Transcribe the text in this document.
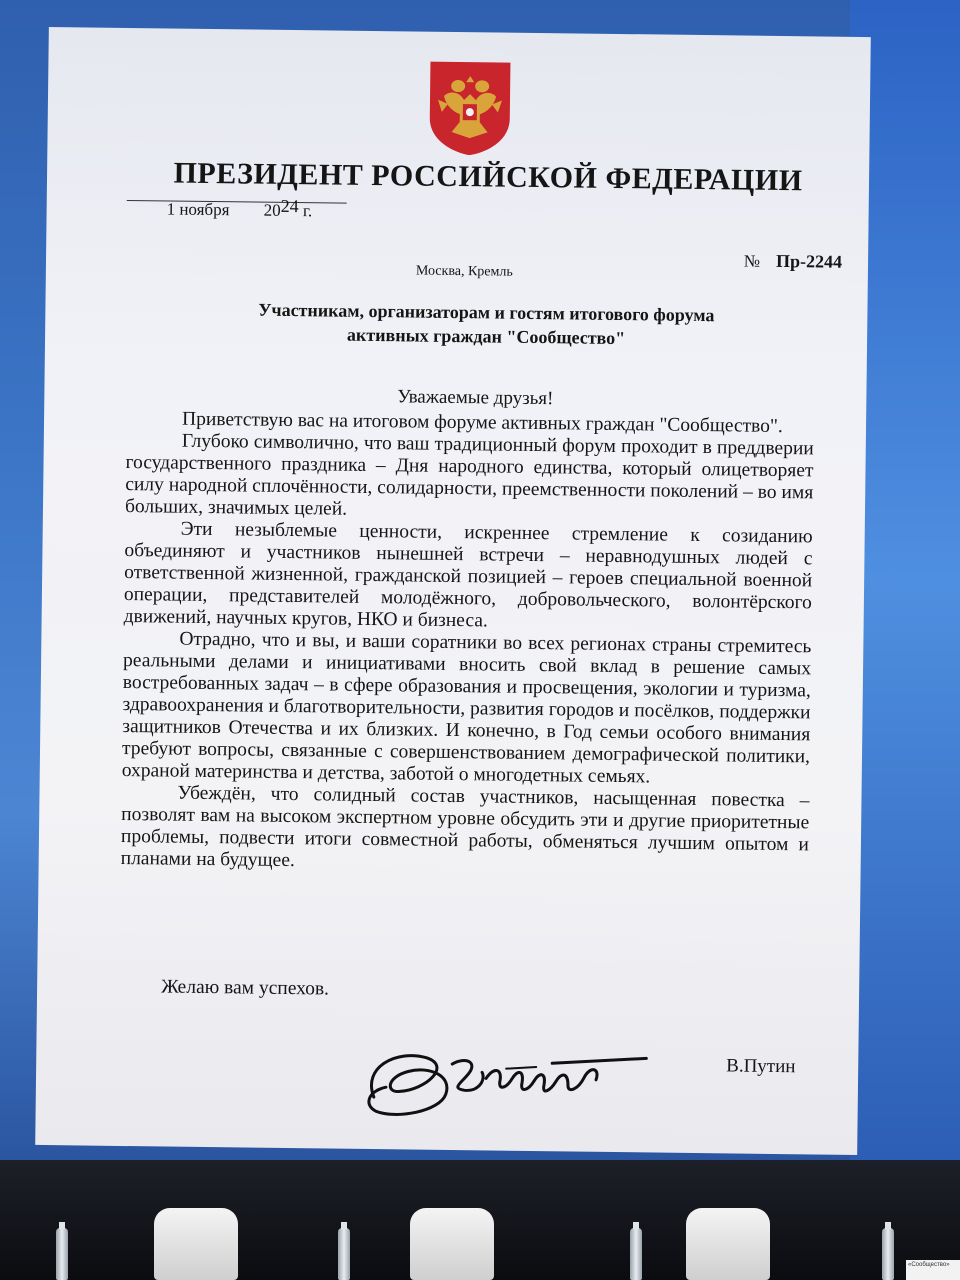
ПРЕЗИДЕНТ РОССИЙСКОЙ ФЕДЕРАЦИИ
1 ноября 2024 г.
№ Пр-2244
Москва, Кремль
Участникам, организаторам и гостям итогового форума
активных граждан "Сообщество"
Уважаемые друзья!

Приветствую вас на итоговом форуме активных граждан "Сообщество".

Глубоко символично, что ваш традиционный форум проходит в преддверии государственного праздника – Дня народного единства, который олицетворяет силу народной сплочённости, солидарности, преемственности поколений – во имя больших, значимых целей.

Эти незыблемые ценности, искреннее стремление к созиданию объединяют и участников нынешней встречи – неравнодушных людей с ответственной жизненной, гражданской позицией – героев специальной военной операции, представителей молодёжного, добровольческого, волонтёрского движений, научных кругов, НКО и бизнеса.

Отрадно, что и вы, и ваши соратники во всех регионах страны стремитесь реальными делами и инициативами вносить свой вклад в решение самых востребованных задач – в сфере образования и просвещения, экологии и туризма, здравоохранения и благотворительности, развития городов и посёлков, поддержки защитников Отечества и их близких. И конечно, в Год семьи особого внимания требуют вопросы, связанные с совершенствованием демографической политики, охраной материнства и детства, заботой о многодетных семьях.

Убеждён, что солидный состав участников, насыщенная повестка – позволят вам на высоком экспертном уровне обсудить эти и другие приоритетные проблемы, подвести итоги совместной работы, обменяться лучшим опытом и планами на будущее.

Желаю вам успехов.
В.Путин
«Сообщество»
